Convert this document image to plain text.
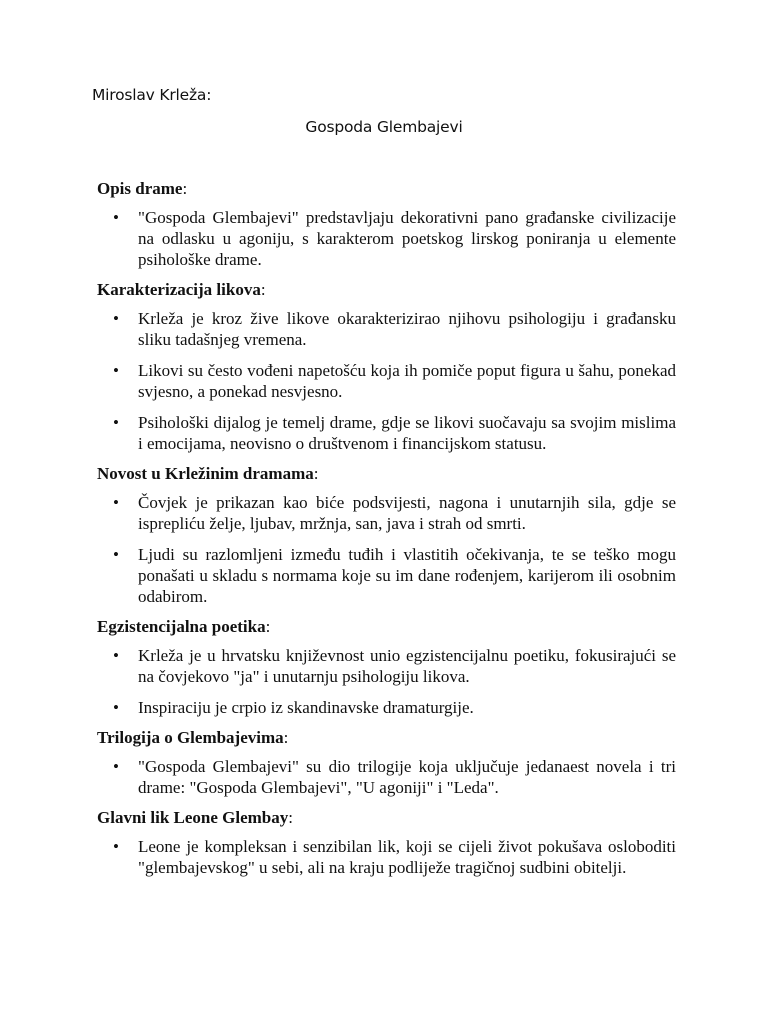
Miroslav Krleža:
Gospoda Glembajevi

Opis drame:

• "Gospoda Glembajevi" predstavljaju dekorativni pano građanske civilizacije na odlasku u agoniju, s karakterom poetskog lirskog poniranja u elemente psihološke drame.

Karakterizacija likova:

• Krleža je kroz žive likove okarakterizirao njihovu psihologiju i građansku sliku tadašnjeg vremena.
• Likovi su često vođeni napetošću koja ih pomiče poput figura u šahu, ponekad svjesno, a ponekad nesvjesno.
• Psihološki dijalog je temelj drame, gdje se likovi suočavaju sa svojim mislima i emocijama, neovisno o društvenom i financijskom statusu.

Novost u Krležinim dramama:

• Čovjek je prikazan kao biće podsvijesti, nagona i unutarnjih sila, gdje se isprepliću želje, ljubav, mržnja, san, java i strah od smrti.
• Ljudi su razlomljeni između tuđih i vlastitih očekivanja, te se teško mogu ponašati u skladu s normama koje su im dane rođenjem, karijerom ili osobnim odabirom.

Egzistencijalna poetika:

• Krleža je u hrvatsku književnost unio egzistencijalnu poetiku, fokusirajući se na čovjekovo "ja" i unutarnju psihologiju likova.
• Inspiraciju je crpio iz skandinavske dramaturgije.

Trilogija o Glembajevima:

• "Gospoda Glembajevi" su dio trilogije koja uključuje jedanaest novela i tri drame: "Gospoda Glembajevi", "U agoniji" i "Leda".

Glavni lik Leone Glembay:

• Leone je kompleksan i senzibilan lik, koji se cijeli život pokušava osloboditi "glembajevskog" u sebi, ali na kraju podliježe tragičnoj sudbini obitelji.
